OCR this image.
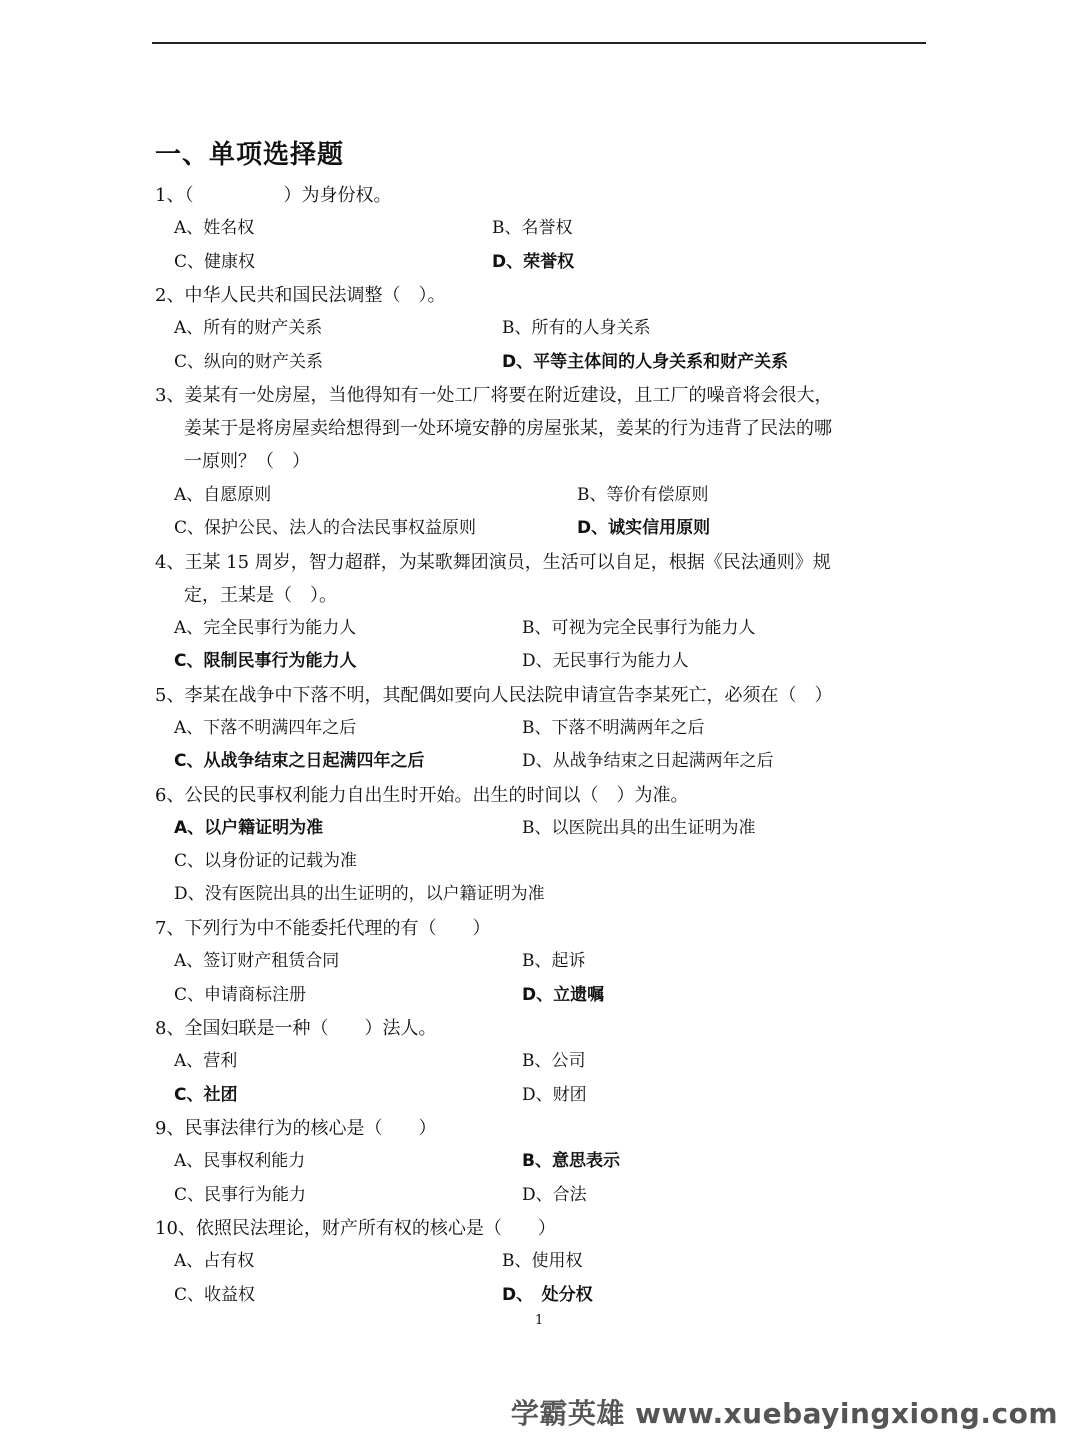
一、单项选择题
1、（　　　　　）为身份权。
A、姓名权	B、名誉权
C、健康权	D、荣誉权
2、中华人民共和国民法调整（　）。
A、所有的财产关系	B、所有的人身关系
C、纵向的财产关系	D、平等主体间的人身关系和财产关系
3、姜某有一处房屋，当他得知有一处工厂将要在附近建设，且工厂的噪音将会很大，
姜某于是将房屋卖给想得到一处环境安静的房屋张某，姜某的行为违背了民法的哪
一原则？（　）
A、自愿原则	B、等价有偿原则
C、保护公民、法人的合法民事权益原则	D、诚实信用原则
4、王某 15 周岁，智力超群，为某歌舞团演员，生活可以自足，根据《民法通则》规
定，王某是（　）。
A、完全民事行为能力人	B、可视为完全民事行为能力人
C、限制民事行为能力人	D、无民事行为能力人
5、李某在战争中下落不明，其配偶如要向人民法院申请宣告李某死亡，必须在（　）
A、下落不明满四年之后	B、下落不明满两年之后
C、从战争结束之日起满四年之后	D、从战争结束之日起满两年之后
6、公民的民事权利能力自出生时开始。出生的时间以（　）为准。
A、以户籍证明为准	B、以医院出具的出生证明为准
C、以身份证的记载为准
D、没有医院出具的出生证明的，以户籍证明为准
7、下列行为中不能委托代理的有（　　）
A、签订财产租赁合同	B、起诉
C、申请商标注册	D、立遗嘱
8、全国妇联是一种（　　）法人。
A、营利	B、公司
C、社团	D、财团
9、民事法律行为的核心是（　　）
A、民事权利能力	B、意思表示
C、民事行为能力	D、合法
10、依照民法理论，财产所有权的核心是（　　）
A、占有权	B、使用权
C、收益权	D、　处分权
1
学霸英雄 www.xuebayingxiong.com
